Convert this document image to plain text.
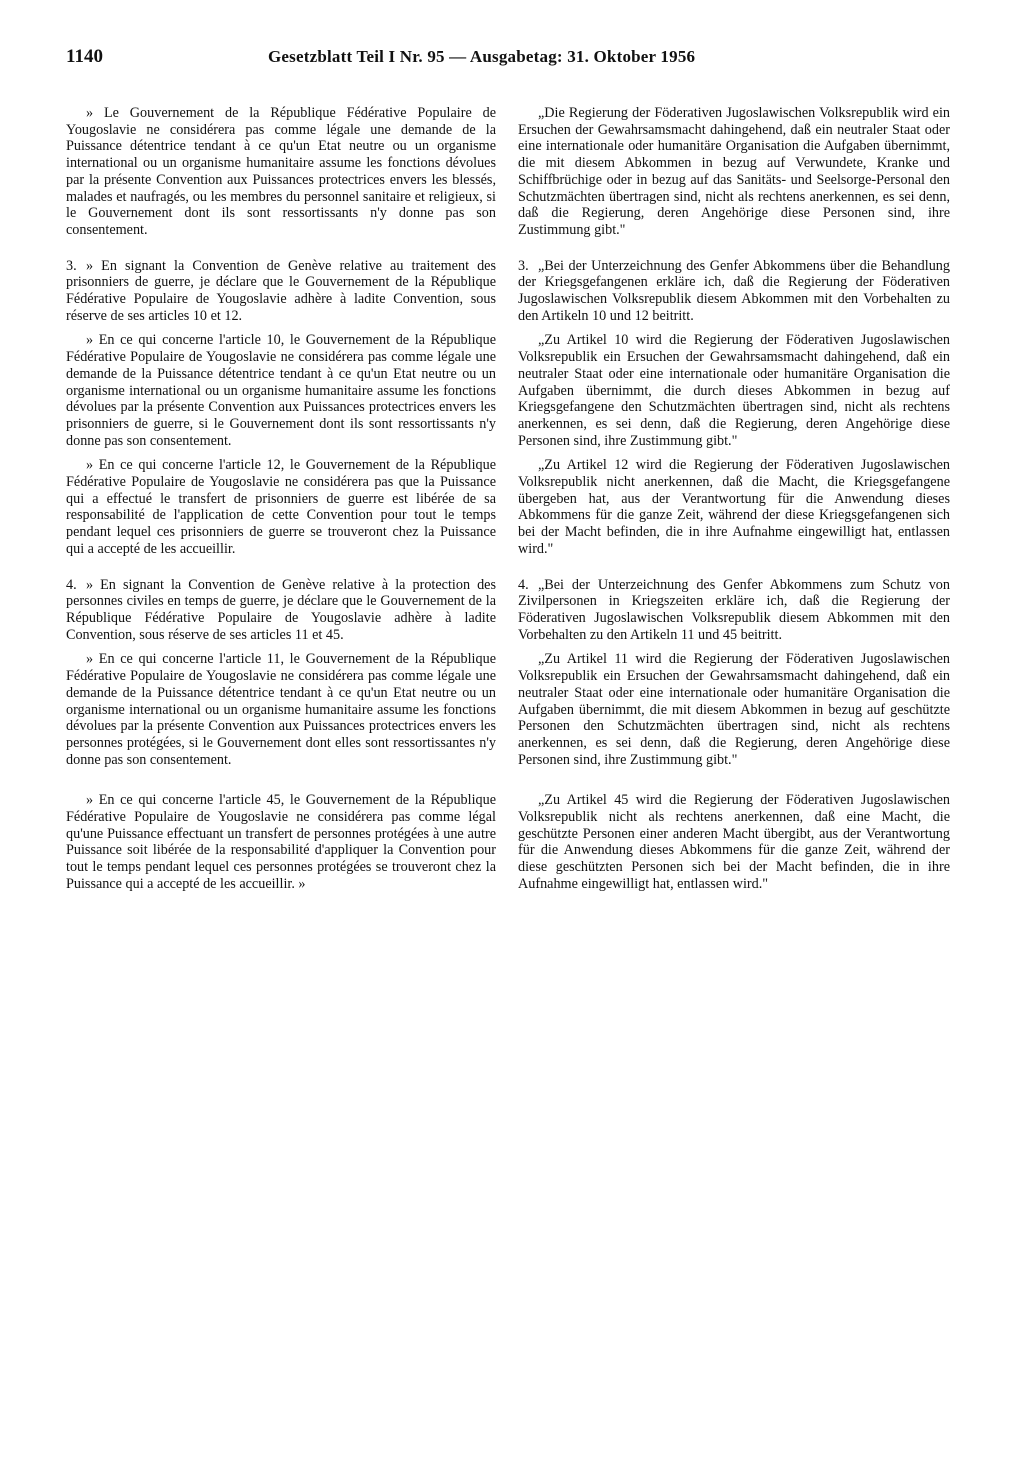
1140	Gesetzblatt Teil I Nr. 95 — Ausgabetag: 31. Oktober 1956

» Le Gouvernement de la République Fédérative Populaire de Yougoslavie ne considérera pas comme légale une demande de la Puissance détentrice tendant à ce qu'un Etat neutre ou un organisme international ou un organisme humanitaire assume les fonctions dévolues par la présente Convention aux Puissances protectrices envers les blessés, malades et naufragés, ou les membres du personnel sanitaire et religieux, si le Gouvernement dont ils sont ressortissants n'y donne pas son consentement.

3. » En signant la Convention de Genève relative au traitement des prisonniers de guerre, je déclare que le Gouvernement de la République Fédérative Populaire de Yougoslavie adhère à ladite Convention, sous réserve de ses articles 10 et 12.

» En ce qui concerne l'article 10, le Gouvernement de la République Fédérative Populaire de Yougoslavie ne considérera pas comme légale une demande de la Puissance détentrice tendant à ce qu'un Etat neutre ou un organisme international ou un organisme humanitaire assume les fonctions dévolues par la présente Convention aux Puissances protectrices envers les prisonniers de guerre, si le Gouvernement dont ils sont ressortissants n'y donne pas son consentement.

» En ce qui concerne l'article 12, le Gouvernement de la République Fédérative Populaire de Yougoslavie ne considérera pas que la Puissance qui a effectué le transfert de prisonniers de guerre est libérée de sa responsabilité de l'application de cette Convention pour tout le temps pendant lequel ces prisonniers de guerre se trouveront chez la Puissance qui a accepté de les accueillir.

4. » En signant la Convention de Genève relative à la protection des personnes civiles en temps de guerre, je déclare que le Gouvernement de la République Fédérative Populaire de Yougoslavie adhère à ladite Convention, sous réserve de ses articles 11 et 45.

» En ce qui concerne l'article 11, le Gouvernement de la République Fédérative Populaire de Yougoslavie ne considérera pas comme légale une demande de la Puissance détentrice tendant à ce qu'un Etat neutre ou un organisme international ou un organisme humanitaire assume les fonctions dévolues par la présente Convention aux Puissances protectrices envers les personnes protégées, si le Gouvernement dont elles sont ressortissantes n'y donne pas son consentement.

» En ce qui concerne l'article 45, le Gouvernement de la République Fédérative Populaire de Yougoslavie ne considérera pas comme légal qu'une Puissance effectuant un transfert de personnes protégées à une autre Puissance soit libérée de la responsabilité d'appliquer la Convention pour tout le temps pendant lequel ces personnes protégées se trouveront chez la Puissance qui a accepté de les accueillir. »

„Die Regierung der Föderativen Jugoslawischen Volksrepublik wird ein Ersuchen der Gewahrsamsmacht dahingehend, daß ein neutraler Staat oder eine internationale oder humanitäre Organisation die Aufgaben übernimmt, die mit diesem Abkommen in bezug auf Verwundete, Kranke und Schiffbrüchige oder in bezug auf das Sanitäts- und Seelsorge-Personal den Schutzmächten übertragen sind, nicht als rechtens anerkennen, es sei denn, daß die Regierung, deren Angehörige diese Personen sind, ihre Zustimmung gibt."

3. „Bei der Unterzeichnung des Genfer Abkommens über die Behandlung der Kriegsgefangenen erkläre ich, daß die Regierung der Föderativen Jugoslawischen Volksrepublik diesem Abkommen mit den Vorbehalten zu den Artikeln 10 und 12 beitritt.

„Zu Artikel 10 wird die Regierung der Föderativen Jugoslawischen Volksrepublik ein Ersuchen der Gewahrsamsmacht dahingehend, daß ein neutraler Staat oder eine internationale oder humanitäre Organisation die Aufgaben übernimmt, die durch dieses Abkommen in bezug auf Kriegsgefangene den Schutzmächten übertragen sind, nicht als rechtens anerkennen, es sei denn, daß die Regierung, deren Angehörige diese Personen sind, ihre Zustimmung gibt."

„Zu Artikel 12 wird die Regierung der Föderativen Jugoslawischen Volksrepublik nicht anerkennen, daß die Macht, die Kriegsgefangene übergeben hat, aus der Verantwortung für die Anwendung dieses Abkommens für die ganze Zeit, während der diese Kriegsgefangenen sich bei der Macht befinden, die in ihre Aufnahme eingewilligt hat, entlassen wird."

4. „Bei der Unterzeichnung des Genfer Abkommens zum Schutz von Zivilpersonen in Kriegszeiten erkläre ich, daß die Regierung der Föderativen Jugoslawischen Volksrepublik diesem Abkommen mit den Vorbehalten zu den Artikeln 11 und 45 beitritt.

„Zu Artikel 11 wird die Regierung der Föderativen Jugoslawischen Volksrepublik ein Ersuchen der Gewahrsamsmacht dahingehend, daß ein neutraler Staat oder eine internationale oder humanitäre Organisation die Aufgaben übernimmt, die mit diesem Abkommen in bezug auf geschützte Personen den Schutzmächten übertragen sind, nicht als rechtens anerkennen, es sei denn, daß die Regierung, deren Angehörige diese Personen sind, ihre Zustimmung gibt."

„Zu Artikel 45 wird die Regierung der Föderativen Jugoslawischen Volksrepublik nicht als rechtens anerkennen, daß eine Macht, die geschützte Personen einer anderen Macht übergibt, aus der Verantwortung für die Anwendung dieses Abkommens für die ganze Zeit, während der diese geschützten Personen sich bei der Macht befinden, die in ihre Aufnahme eingewilligt hat, entlassen wird."
